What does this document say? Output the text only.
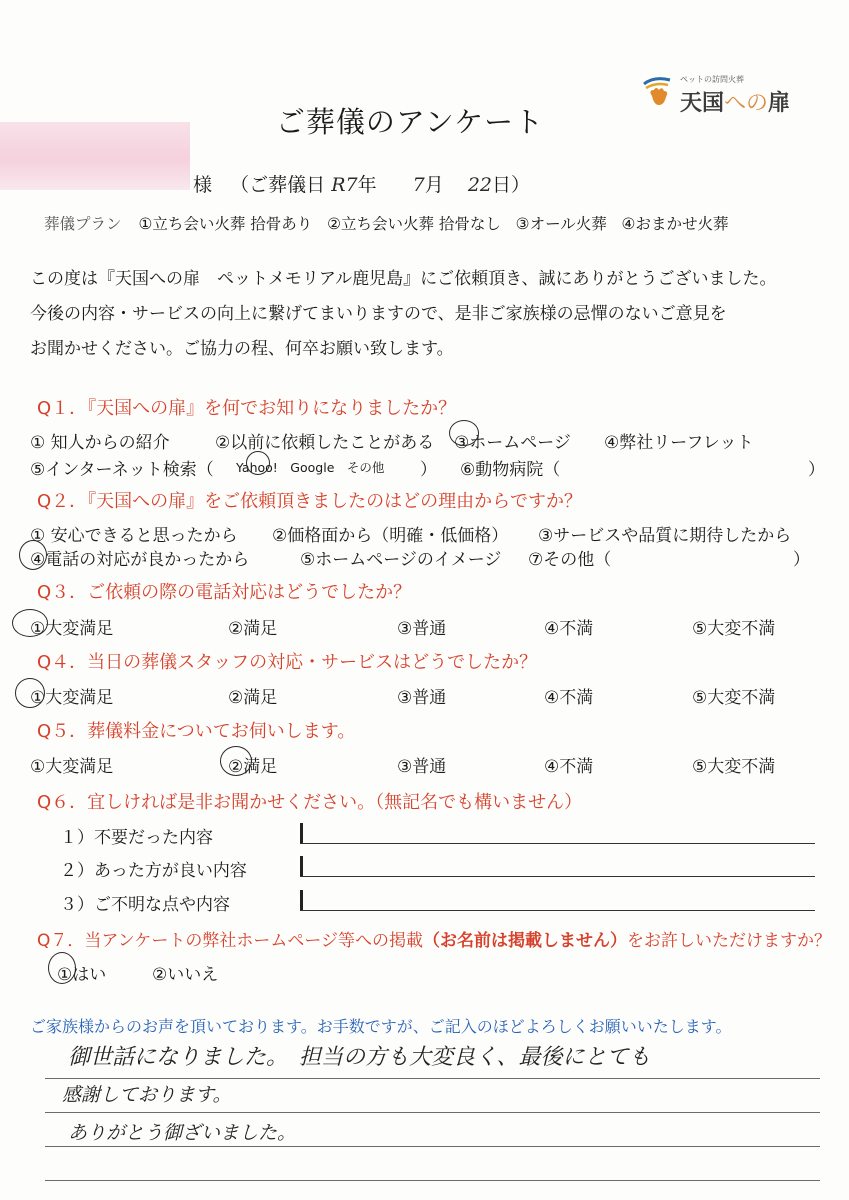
ペットの訪問火葬
天国への扉
ご葬儀のアンケート
様 （ご葬儀日 R7年 7月 22日）
葬儀プラン ①立ち会い火葬 拾骨あり ②立ち会い火葬 拾骨なし ③オール火葬 ④おまかせ火葬
この度は『天国への扉　ペットメモリアル鹿児島』にご依頼頂き、誠にありがとうございました。
今後の内容・サービスの向上に繋げてまいりますので、是非ご家族様の忌憚のないご意見を
お聞かせください。ご協力の程、何卒お願い致します。
Q１．『天国への扉』を何でお知りになりましたか？
① 知人からの紹介	②以前に依頼したことがある ③ホームページ ④弊社リーフレット
⑤インターネット検索（ Yahoo!　Google　その他 ） ⑥動物病院（	）
Q２．『天国への扉』をご依頼頂きましたのはどの理由からですか？
① 安心できると思ったから ②価格面から（明確・低価格） ③サービスや品質に期待したから
④電話の対応が良かったから	⑤ホームページのイメージ ⑦その他（	）
Q３．ご依頼の際の電話対応はどうでしたか？
①大変満足	②満足	③普通	④不満	⑤大変不満
Q４．当日の葬儀スタッフの対応・サービスはどうでしたか？
①大変満足	②満足	③普通	④不満	⑤大変不満
Q５．葬儀料金についてお伺いします。
①大変満足	②満足	③普通	④不満	⑤大変不満
Q６．宜しければ是非お聞かせください。（無記名でも構いません）
１）不要だった内容
２）あった方が良い内容
３）ご不明な点や内容
Q７．当アンケートの弊社ホームページ等への掲載（お名前は掲載しません）をお許しいただけますか？
①はい	②いいえ
ご家族様からのお声を頂いております。お手数ですが、ご記入のほどよろしくお願いいたします。
御世話になりました。　担当の方も大変良く、最後にとても
感謝しております。
ありがとう御ざいました。
